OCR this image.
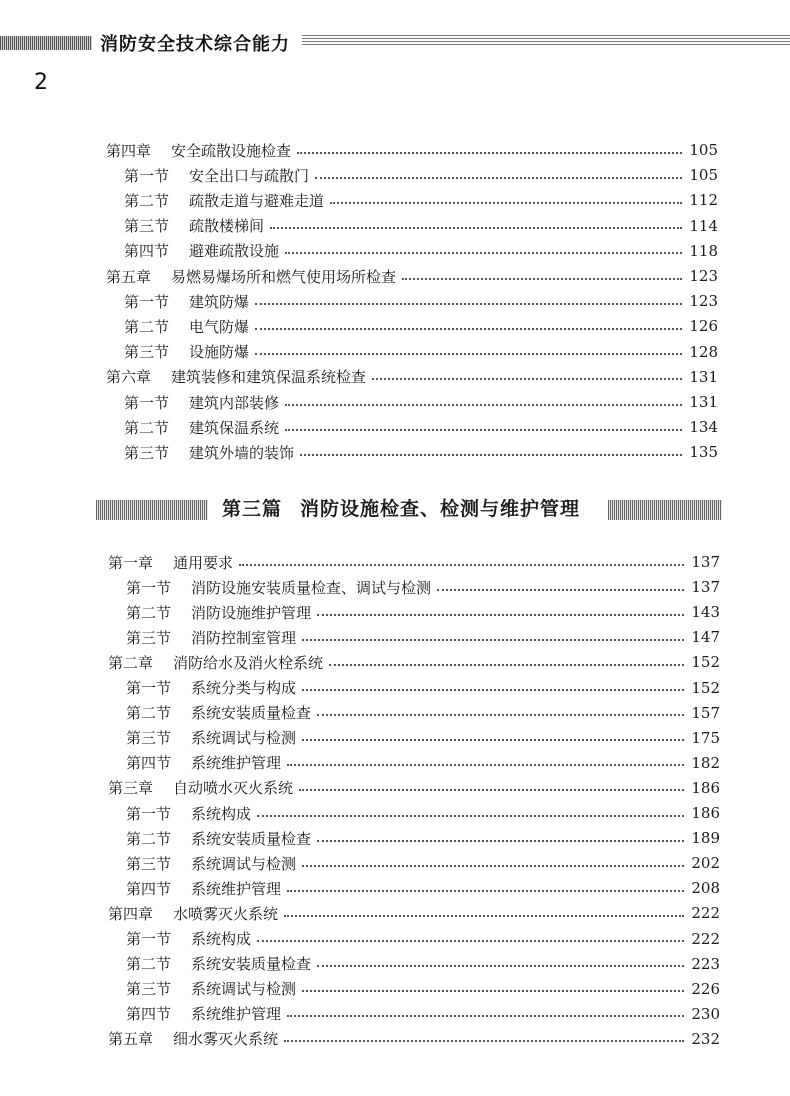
消防安全技术综合能力
2
第四章 安全疏散设施检查	105
第一节 安全出口与疏散门	105
第二节 疏散走道与避难走道	112
第三节 疏散楼梯间	114
第四节 避难疏散设施	118
第五章 易燃易爆场所和燃气使用场所检查	123
第一节 建筑防爆	123
第二节 电气防爆	126
第三节 设施防爆	128
第六章 建筑装修和建筑保温系统检查	131
第一节 建筑内部装修	131
第二节 建筑保温系统	134
第三节 建筑外墙的装饰	135
第三篇 消防设施检查、检测与维护管理
第一章 通用要求	137
第一节 消防设施安装质量检查、调试与检测	137
第二节 消防设施维护管理	143
第三节 消防控制室管理	147
第二章 消防给水及消火栓系统	152
第一节 系统分类与构成	152
第二节 系统安装质量检查	157
第三节 系统调试与检测	175
第四节 系统维护管理	182
第三章 自动喷水灭火系统	186
第一节 系统构成	186
第二节 系统安装质量检查	189
第三节 系统调试与检测	202
第四节 系统维护管理	208
第四章 水喷雾灭火系统	222
第一节 系统构成	222
第二节 系统安装质量检查	223
第三节 系统调试与检测	226
第四节 系统维护管理	230
第五章 细水雾灭火系统	232
